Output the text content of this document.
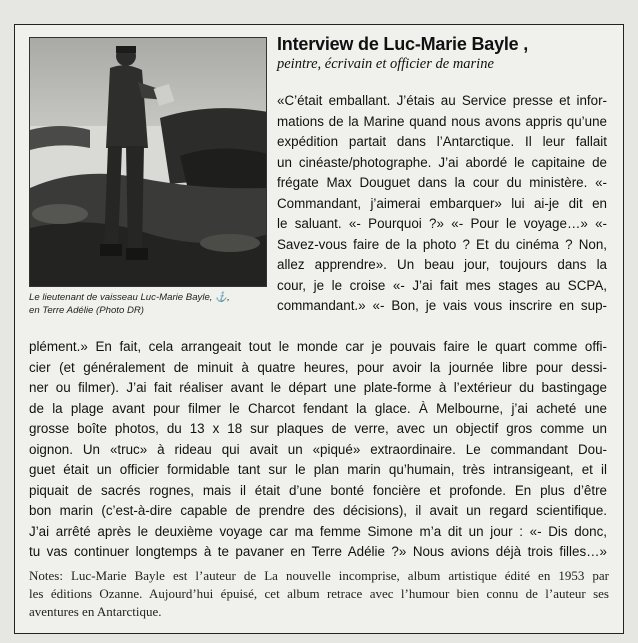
Le lieutenant de vaisseau Luc-Marie Bayle, ⚓,
en Terre Adélie (Photo DR)
Interview de Luc-Marie Bayle ,
peintre, écrivain et officier de marine
«C’était emballant. J’étais au Service presse et infor-
mations de la Marine quand nous avons appris qu’une
expédition partait dans l’Antarctique. Il leur fallait
un cinéaste/photographe. J’ai abordé le capitaine de
frégate Max Douguet dans la cour du ministère. «-
Commandant, j’aimerai embarquer» lui ai-je dit en
le saluant. «- Pourquoi ?» «- Pour le voyage…» «-
Savez-vous faire de la photo ? Et du cinéma ? Non,
allez apprendre». Un beau jour, toujours dans la
cour, je le croise «- J’ai fait mes stages au SCPA,
commandant.» «- Bon, je vais vous inscrire en sup-
plément.» En fait, cela arrangeait tout le monde car je pouvais faire le quart comme offi-
cier (et généralement de minuit à quatre heures, pour avoir la journée libre pour dessi-
ner ou filmer). J’ai fait réaliser avant le départ une plate-forme à l’extérieur du bastingage
de la plage avant pour filmer le Charcot fendant la glace. À Melbourne, j’ai acheté une
grosse boîte photos, du 13 x 18 sur plaques de verre, avec un objectif gros comme un
oignon. Un «truc» à rideau qui avait un «piqué» extraordinaire. Le commandant Dou-
guet était un officier formidable tant sur le plan marin qu’humain, très intransigeant, et il
piquait de sacrés rognes, mais il était d’une bonté foncière et profonde. En plus d’être
bon marin (c’est-à-dire capable de prendre des décisions), il avait un regard scientifique.
J’ai arrêté après le deuxième voyage car ma femme Simone m’a dit un jour : «- Dis donc,
tu vas continuer longtemps à te pavaner en Terre Adélie ?» Nous avions déjà trois filles…»
Notes: Luc-Marie Bayle est l’auteur de La nouvelle incomprise, album artistique édité en 1953 par
les éditions Ozanne. Aujourd’hui épuisé, cet album retrace avec l’humour bien connu de l’auteur ses
aventures en Antarctique.
